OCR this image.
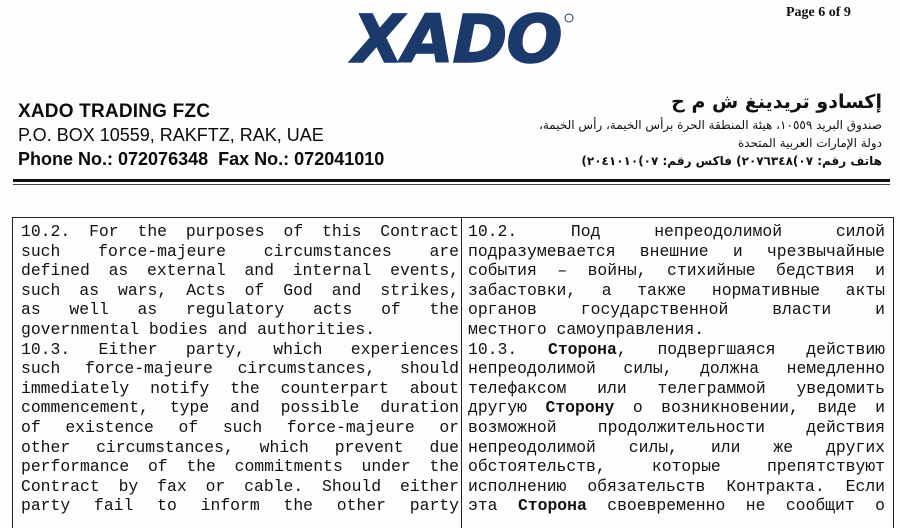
Page 6 of 9
XADO
XADO TRADING FZC
P.O. BOX 10559, RAKFTZ, RAK, UAE
Phone No.: 072076348 Fax No.: 072041010
إكسادو تريدينغ ش م ح
صندوق البريد ١٠٥٥٩، هيئة المنطقة الحرة برأس الخيمة، رأس الخيمة،
دولة الإمارات العربية المتحدة
هاتف رقم: ٠٧)٢٠٧٦٣٤٨) فاكس رقم: ٠٧)٢٠٤١٠١٠)
10.2. For the purposes of this Contract
such force-majeure circumstances are
defined as external and internal events,
such as wars, Acts of God and strikes,
as well as regulatory acts of the
governmental bodies and authorities.
10.3. Either party, which experiences
such force-majeure circumstances, should
immediately notify the counterpart about
commencement, type and possible duration
of existence of such force-majeure or
other circumstances, which prevent due
performance of the commitments under the
Contract by fax or cable. Should either
party fail to inform the other party
10.2. Под непреодолимой силой
подразумевается внешние и чрезвычайные
события – войны, стихийные бедствия и
забастовки, а также нормативные акты
органов государственной власти и
местного самоуправления.
10.3. Сторона, подвергшаяся действию
непреодолимой силы, должна немедленно
телефаксом или телеграммой уведомить
другую Сторону о возникновении, виде и
возможной продолжительности действия
непреодолимой силы, или же других
обстоятельств, которые препятствуют
исполнению обязательств Контракта. Если
эта Сторона своевременно не сообщит о
